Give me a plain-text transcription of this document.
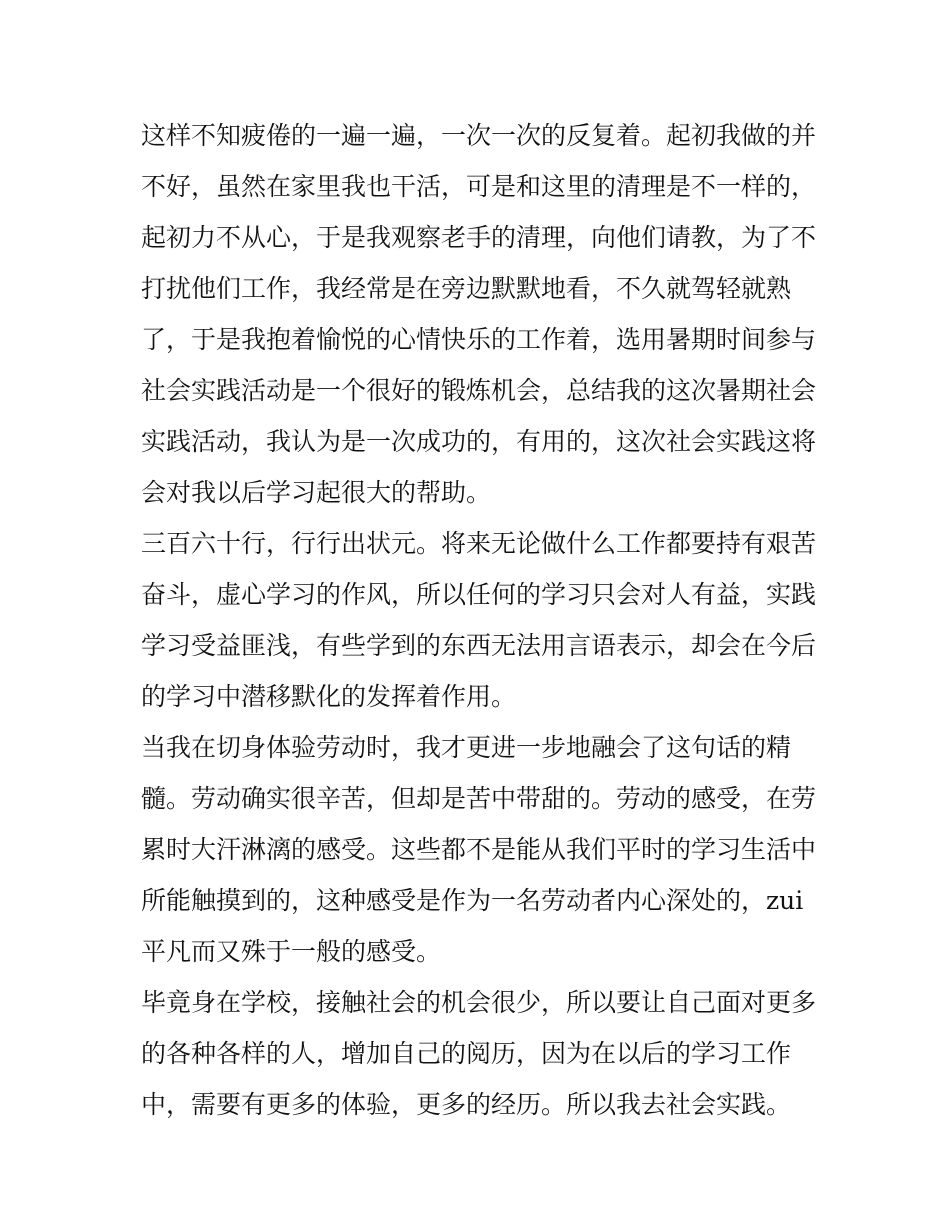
这样不知疲倦的一遍一遍，一次一次的反复着。起初我做的并
不好，虽然在家里我也干活，可是和这里的清理是不一样的，
起初力不从心，于是我观察老手的清理，向他们请教，为了不
打扰他们工作，我经常是在旁边默默地看，不久就驾轻就熟
了，于是我抱着愉悦的心情快乐的工作着，选用暑期时间参与
社会实践活动是一个很好的锻炼机会，总结我的这次暑期社会
实践活动，我认为是一次成功的，有用的，这次社会实践这将
会对我以后学习起很大的帮助。
三百六十行，行行出状元。将来无论做什么工作都要持有艰苦
奋斗，虚心学习的作风，所以任何的学习只会对人有益，实践
学习受益匪浅，有些学到的东西无法用言语表示，却会在今后
的学习中潜移默化的发挥着作用。
当我在切身体验劳动时，我才更进一步地融会了这句话的精
髓。劳动确实很辛苦，但却是苦中带甜的。劳动的感受，在劳
累时大汗淋漓的感受。这些都不是能从我们平时的学习生活中
所能触摸到的，这种感受是作为一名劳动者内心深处的，zui
平凡而又殊于一般的感受。
毕竟身在学校，接触社会的机会很少，所以要让自己面对更多
的各种各样的人，增加自己的阅历，因为在以后的学习工作
中，需要有更多的体验，更多的经历。所以我去社会实践。
